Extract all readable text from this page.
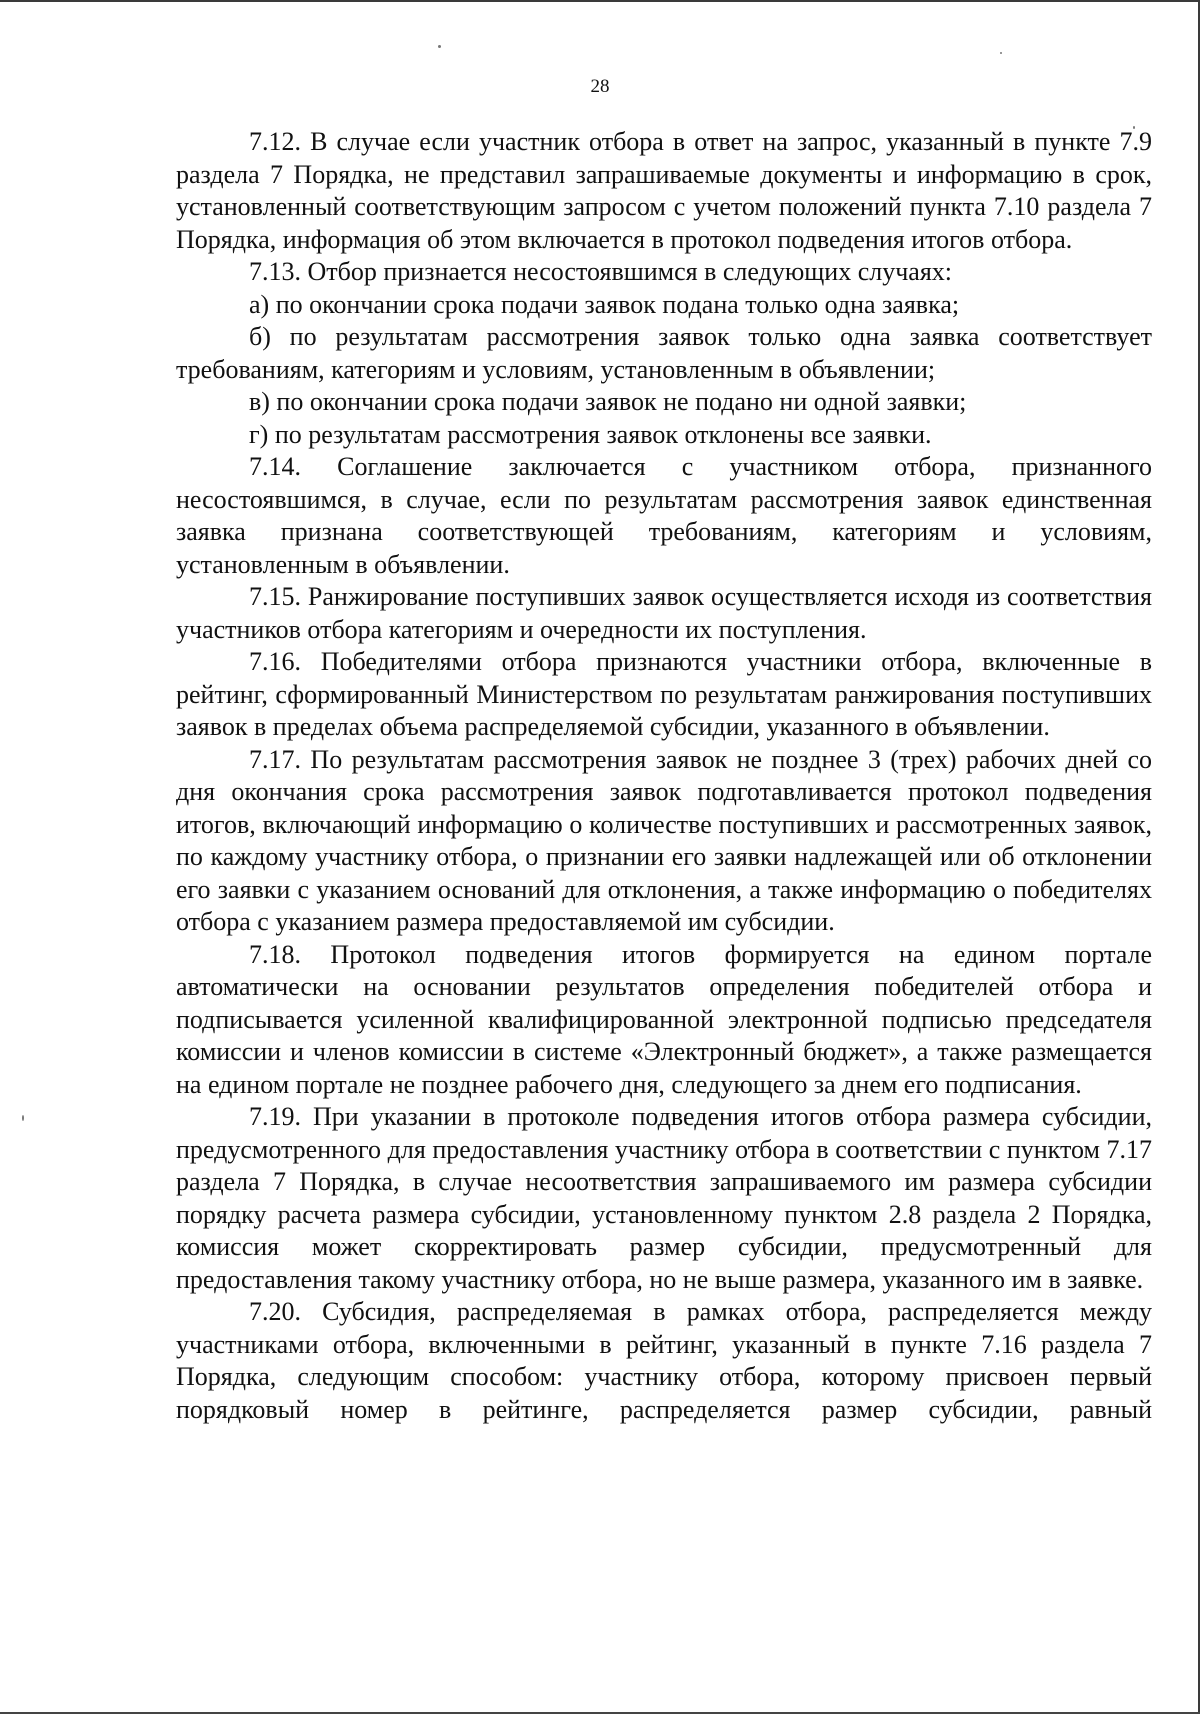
28

7.12. В случае если участник отбора в ответ на запрос, указанный в пункте 7.9 раздела 7 Порядка, не представил запрашиваемые документы и информацию в срок, установленный соответствующим запросом с учетом положений пункта 7.10 раздела 7 Порядка, информация об этом включается в протокол подведения итогов отбора.

7.13. Отбор признается несостоявшимся в следующих случаях:

а) по окончании срока подачи заявок подана только одна заявка;

б) по результатам рассмотрения заявок только одна заявка соответствует требованиям, категориям и условиям, установленным в объявлении;

в) по окончании срока подачи заявок не подано ни одной заявки;

г) по результатам рассмотрения заявок отклонены все заявки.

7.14. Соглашение заключается с участником отбора, признанного несостоявшимся, в случае, если по результатам рассмотрения заявок единственная заявка признана соответствующей требованиям, категориям и условиям, установленным в объявлении.

7.15. Ранжирование поступивших заявок осуществляется исходя из соответствия участников отбора категориям и очередности их поступления.

7.16. Победителями отбора признаются участники отбора, включенные в рейтинг, сформированный Министерством по результатам ранжирования поступивших заявок в пределах объема распределяемой субсидии, указанного в объявлении.

7.17. По результатам рассмотрения заявок не позднее 3 (трех) рабочих дней со дня окончания срока рассмотрения заявок подготавливается протокол подведения итогов, включающий информацию о количестве поступивших и рассмотренных заявок, по каждому участнику отбора, о признании его заявки надлежащей или об отклонении его заявки с указанием оснований для отклонения, а также информацию о победителях отбора с указанием размера предоставляемой им субсидии.

7.18. Протокол подведения итогов формируется на едином портале автоматически на основании результатов определения победителей отбора и подписывается усиленной квалифицированной электронной подписью председателя комиссии и членов комиссии в системе «Электронный бюджет», а также размещается на едином портале не позднее рабочего дня, следующего за днем его подписания.

7.19. При указании в протоколе подведения итогов отбора размера субсидии, предусмотренного для предоставления участнику отбора в соответствии с пунктом 7.17 раздела 7 Порядка, в случае несоответствия запрашиваемого им размера субсидии порядку расчета размера субсидии, установленному пунктом 2.8 раздела 2 Порядка, комиссия может скорректировать размер субсидии, предусмотренный для предоставления такому участнику отбора, но не выше размера, указанного им в заявке.

7.20. Субсидия, распределяемая в рамках отбора, распределяется между участниками отбора, включенными в рейтинг, указанный в пункте 7.16 раздела 7 Порядка, следующим способом: участнику отбора, которому присвоен первый порядковый номер в рейтинге, распределяется размер субсидии, равный
